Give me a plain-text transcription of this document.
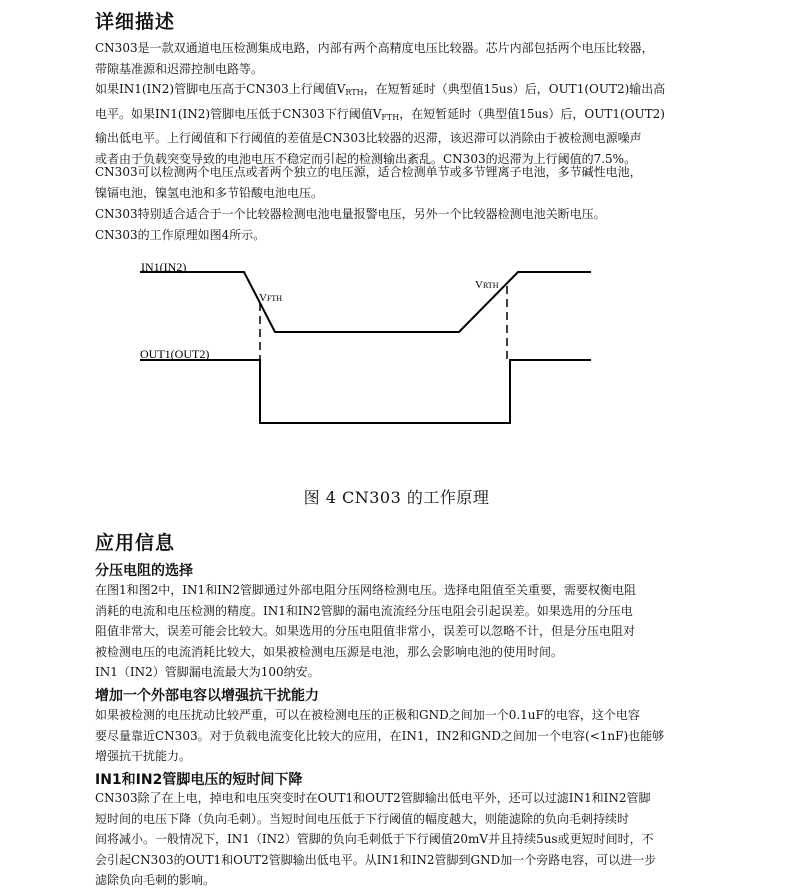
详细描述

CN303是一款双通道电压检测集成电路，内部有两个高精度电压比较器。芯片内部包括两个电压比较器，
带隙基准源和迟滞控制电路等。

如果IN1(IN2)管脚电压高于CN303上行阈值$V_{RTH}$，在短暂延时（典型值15us）后，OUT1(OUT2)输出高
电平。如果IN1(IN2)管脚电压低于CN303下行阈值$V_{FTH}$，在短暂延时（典型值15us）后，OUT1(OUT2)
输出低电平。上行阈值和下行阈值的差值是CN303比较器的迟滞，该迟滞可以消除由于被检测电源噪声
或者由于负载突变导致的电池电压不稳定而引起的检测输出紊乱。CN303的迟滞为上行阈值的7.5%。

CN303可以检测两个电压点或者两个独立的电压源，适合检测单节或多节锂离子电池，多节碱性电池，
镍镉电池，镍氢电池和多节铅酸电池电压。

CN303特别适合适合于一个比较器检测电池电量报警电压，另外一个比较器检测电池关断电压。

CN303的工作原理如图4所示。

IN1(IN2)
OUT1(OUT2)
VFTH
VRTH
图 4 CN303 的工作原理
应用信息
分压电阻的选择

在图1和图2中，IN1和IN2管脚通过外部电阻分压网络检测电压。选择电阻值至关重要，需要权衡电阻
消耗的电流和电压检测的精度。IN1和IN2管脚的漏电流流经分压电阻会引起误差。如果选用的分压电
阻值非常大，误差可能会比较大。如果选用的分压电阻值非常小，误差可以忽略不计，但是分压电阻对
被检测电压的电流消耗比较大，如果被检测电压源是电池，那么会影响电池的使用时间。
IN1（IN2）管脚漏电流最大为100纳安。

增加一个外部电容以增强抗干扰能力

如果被检测的电压扰动比较严重，可以在被检测电压的正极和GND之间加一个0.1uF的电容，这个电容
要尽量靠近CN303。对于负载电流变化比较大的应用，在IN1，IN2和GND之间加一个电容(<1nF)也能够
增强抗干扰能力。

IN1和IN2管脚电压的短时间下降

CN303除了在上电，掉电和电压突变时在OUT1和OUT2管脚输出低电平外，还可以过滤IN1和IN2管脚
短时间的电压下降（负向毛刺）。当短时间电压低于下行阈值的幅度越大，则能滤除的负向毛刺持续时
间将减小。一般情况下，IN1（IN2）管脚的负向毛刺低于下行阈值20mV并且持续5us或更短时间时，不
会引起CN303的OUT1和OUT2管脚输出低电平。从IN1和IN2管脚到GND加一个旁路电容，可以进一步
滤除负向毛刺的影响。
